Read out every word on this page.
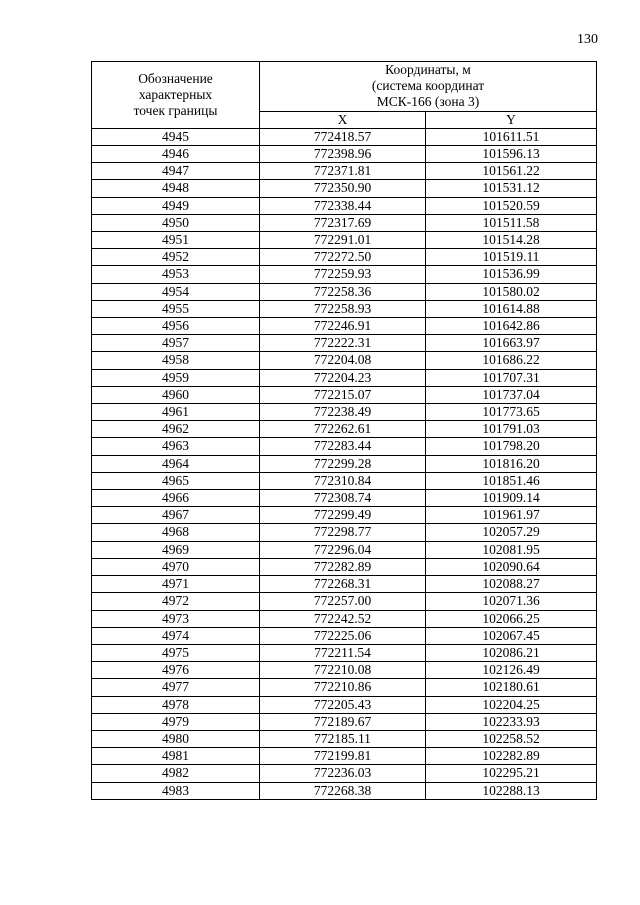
130
Обозначение
характерных
точек границы	Координаты, м
(система координат
МСК-166 (зона 3)	

	X	Y
4945	772418.57	101611.51
4946	772398.96	101596.13
4947	772371.81	101561.22
4948	772350.90	101531.12
4949	772338.44	101520.59
4950	772317.69	101511.58
4951	772291.01	101514.28
4952	772272.50	101519.11
4953	772259.93	101536.99
4954	772258.36	101580.02
4955	772258.93	101614.88
4956	772246.91	101642.86
4957	772222.31	101663.97
4958	772204.08	101686.22
4959	772204.23	101707.31
4960	772215.07	101737.04
4961	772238.49	101773.65
4962	772262.61	101791.03
4963	772283.44	101798.20
4964	772299.28	101816.20
4965	772310.84	101851.46
4966	772308.74	101909.14
4967	772299.49	101961.97
4968	772298.77	102057.29
4969	772296.04	102081.95
4970	772282.89	102090.64
4971	772268.31	102088.27
4972	772257.00	102071.36
4973	772242.52	102066.25
4974	772225.06	102067.45
4975	772211.54	102086.21
4976	772210.08	102126.49
4977	772210.86	102180.61
4978	772205.43	102204.25
4979	772189.67	102233.93
4980	772185.11	102258.52
4981	772199.81	102282.89
4982	772236.03	102295.21
4983	772268.38	102288.13
